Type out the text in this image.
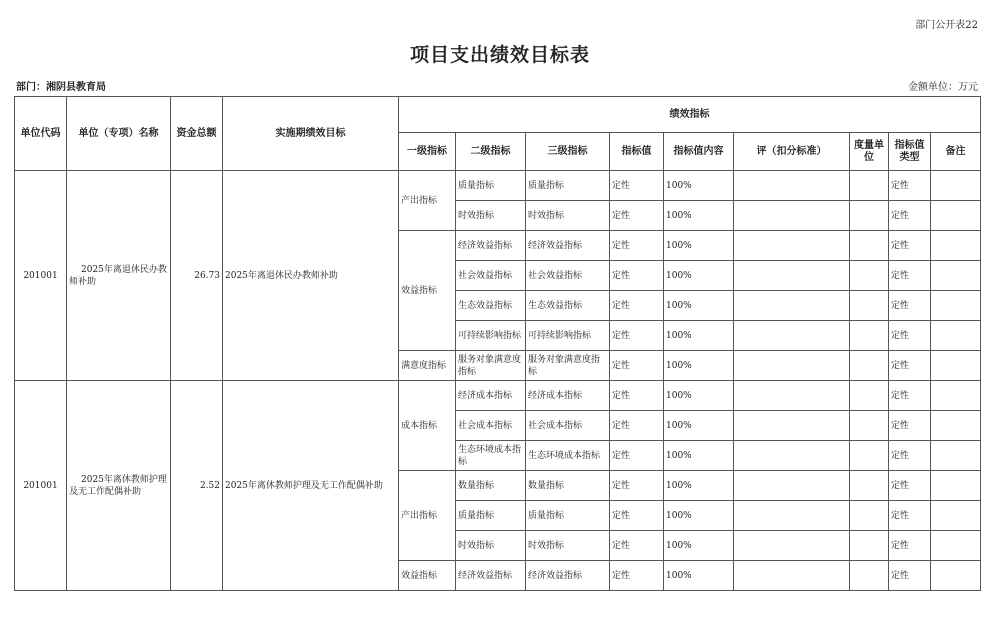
部门公开表22
项目支出绩效目标表
部门：湘阴县教育局	金额单位：万元
单位代码	单位（专项）名称	资金总额	实施期绩效目标	绩效指标								
				一级指标	二级指标	三级指标	指标值	指标值内容	评（扣分标准）	度量单位	指标值类型	备注
201001	2025年离退休民办教师补助	26.73	2025年离退休民办教师补助	产出指标	质量指标	质量指标	定性	100%			定性	
					时效指标	时效指标	定性	100%			定性	
				效益指标	经济效益指标	经济效益指标	定性	100%			定性	
					社会效益指标	社会效益指标	定性	100%			定性	
					生态效益指标	生态效益指标	定性	100%			定性	
					可持续影响指标	可持续影响指标	定性	100%			定性	
				满意度指标	服务对象满意度指标	服务对象满意度指标	定性	100%			定性	
201001	2025年离休教师护理及无工作配偶补助	2.52	2025年离休教师护理及无工作配偶补助	成本指标	经济成本指标	经济成本指标	定性	100%			定性	
					社会成本指标	社会成本指标	定性	100%			定性	
					生态环境成本指标	生态环境成本指标	定性	100%			定性	
				产出指标	数量指标	数量指标	定性	100%			定性	
					质量指标	质量指标	定性	100%			定性	
					时效指标	时效指标	定性	100%			定性	
				效益指标	经济效益指标	经济效益指标	定性	100%			定性	
